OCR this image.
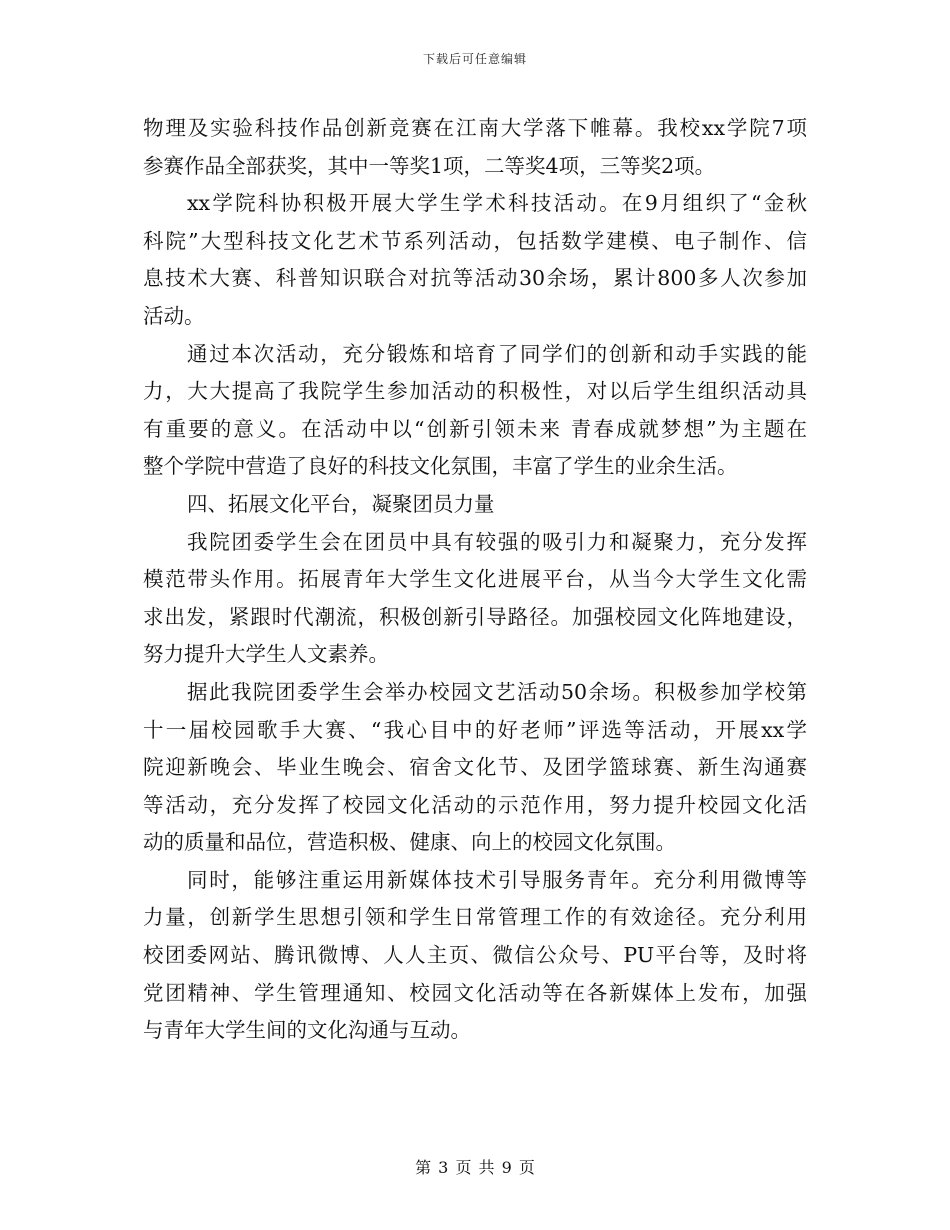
下载后可任意编辑
物理及实验科技作品创新竞赛在江南大学落下帷幕。我校xx学院7项
参赛作品全部获奖，其中一等奖1项，二等奖4项，三等奖2项。
xx学院科协积极开展大学生学术科技活动。在9月组织了“金秋
科院”大型科技文化艺术节系列活动，包括数学建模、电子制作、信
息技术大赛、科普知识联合对抗等活动30余场，累计800多人次参加
活动。
通过本次活动，充分锻炼和培育了同学们的创新和动手实践的能
力，大大提高了我院学生参加活动的积极性，对以后学生组织活动具
有重要的意义。在活动中以“创新引领未来 青春成就梦想”为主题在
整个学院中营造了良好的科技文化氛围，丰富了学生的业余生活。
四、拓展文化平台，凝聚团员力量
我院团委学生会在团员中具有较强的吸引力和凝聚力，充分发挥
模范带头作用。拓展青年大学生文化进展平台，从当今大学生文化需
求出发，紧跟时代潮流，积极创新引导路径。加强校园文化阵地建设，
努力提升大学生人文素养。
据此我院团委学生会举办校园文艺活动50余场。积极参加学校第
十一届校园歌手大赛、“我心目中的好老师”评选等活动，开展xx学
院迎新晚会、毕业生晚会、宿舍文化节、及团学篮球赛、新生沟通赛
等活动，充分发挥了校园文化活动的示范作用，努力提升校园文化活
动的质量和品位，营造积极、健康、向上的校园文化氛围。
同时，能够注重运用新媒体技术引导服务青年。充分利用微博等
力量，创新学生思想引领和学生日常管理工作的有效途径。充分利用
校团委网站、腾讯微博、人人主页、微信公众号、PU平台等，及时将
党团精神、学生管理通知、校园文化活动等在各新媒体上发布，加强
与青年大学生间的文化沟通与互动。
第 3 页 共 9 页
